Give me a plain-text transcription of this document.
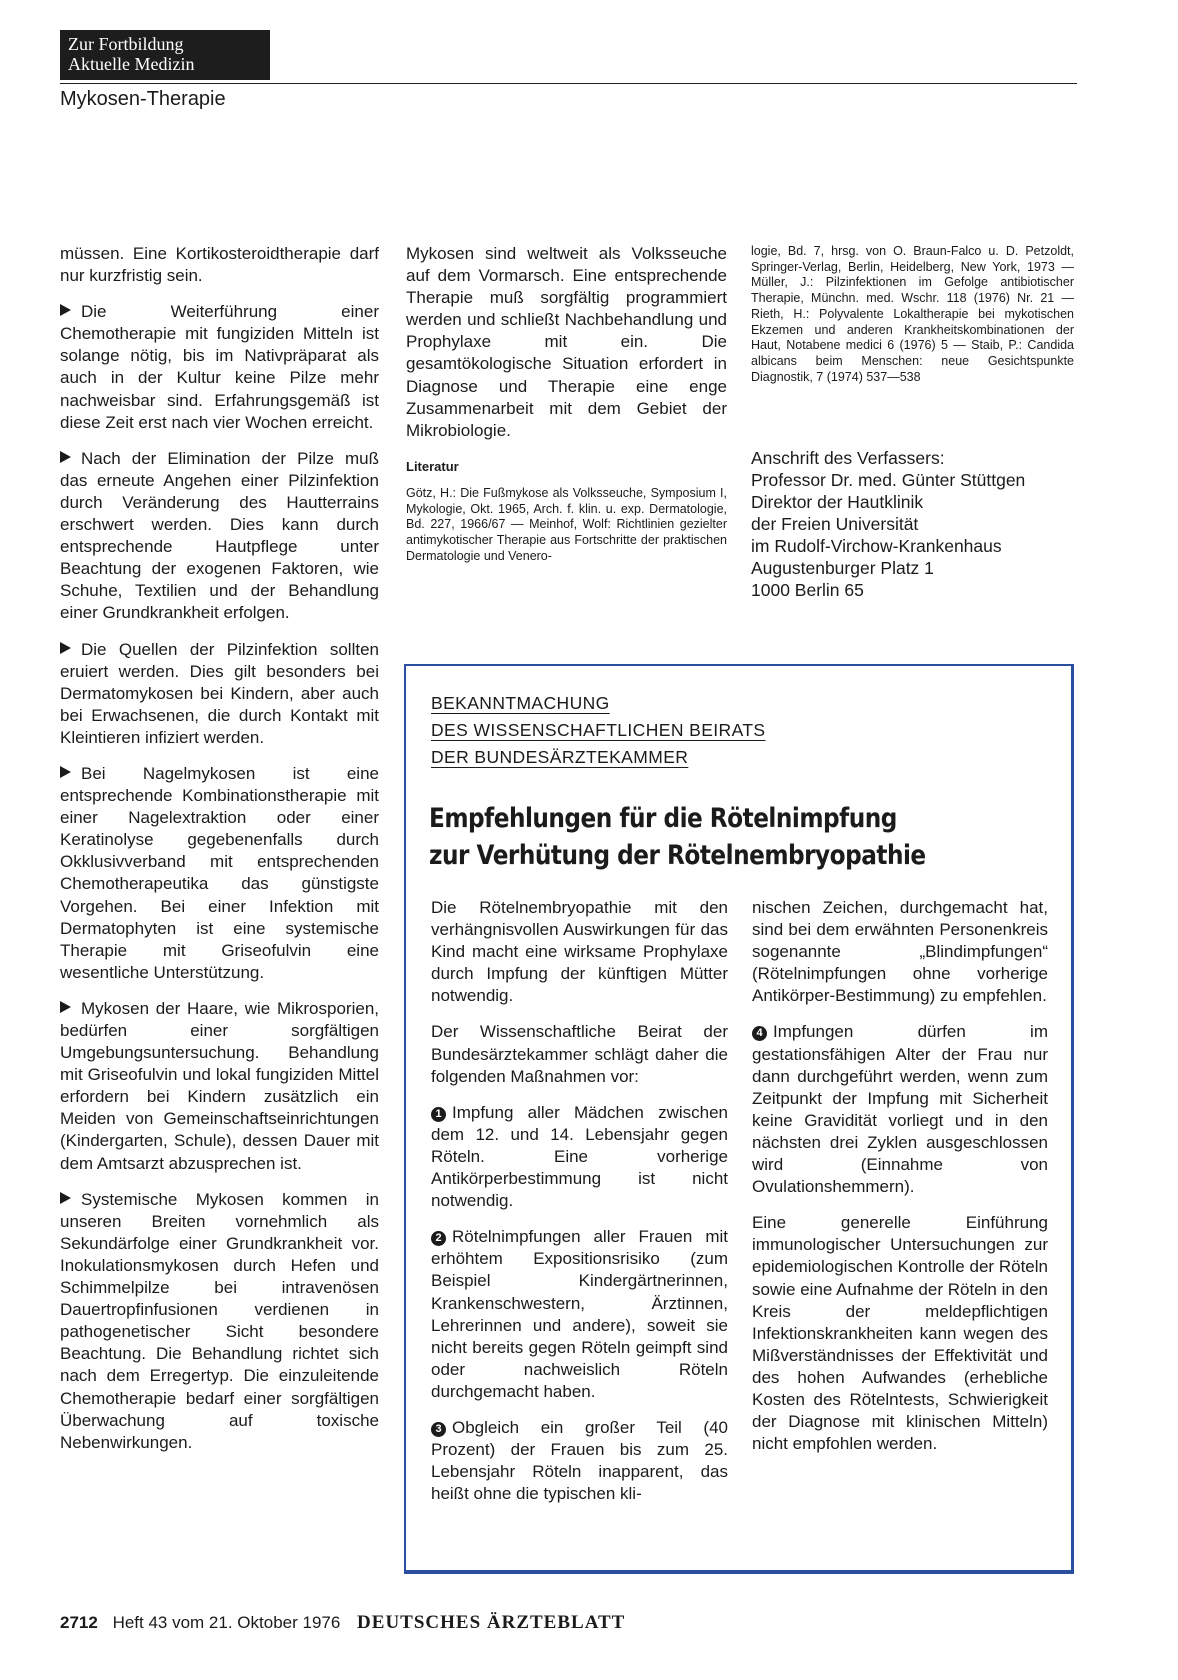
Zur Fortbildung
Aktuelle Medizin
Mykosen-Therapie

müssen. Eine Kortikosteroidtherapie darf nur kurzfristig sein.

Die Weiterführung einer Chemotherapie mit fungiziden Mitteln ist solange nötig, bis im Nativpräparat als auch in der Kultur keine Pilze mehr nachweisbar sind. Erfahrungsgemäß ist diese Zeit erst nach vier Wochen erreicht.

Nach der Elimination der Pilze muß das erneute Angehen einer Pilzinfektion durch Veränderung des Hautterrains erschwert werden. Dies kann durch entsprechende Hautpflege unter Beachtung der exogenen Faktoren, wie Schuhe, Textilien und der Behandlung einer Grundkrankheit erfolgen.

Die Quellen der Pilzinfektion sollten eruiert werden. Dies gilt besonders bei Dermatomykosen bei Kindern, aber auch bei Erwachsenen, die durch Kontakt mit Kleintieren infiziert werden.

Bei Nagelmykosen ist eine entsprechende Kombinationstherapie mit einer Nagelextraktion oder einer Keratinolyse gegebenenfalls durch Okklusivverband mit entsprechenden Chemotherapeutika das günstigste Vorgehen. Bei einer Infektion mit Dermatophyten ist eine systemische Therapie mit Griseofulvin eine wesentliche Unterstützung.

Mykosen der Haare, wie Mikrosporien, bedürfen einer sorgfältigen Umgebungsuntersuchung. Behandlung mit Griseofulvin und lokal fungiziden Mittel erfordern bei Kindern zusätzlich ein Meiden von Gemeinschaftseinrichtungen (Kindergarten, Schule), dessen Dauer mit dem Amtsarzt abzusprechen ist.

Systemische Mykosen kommen in unseren Breiten vornehmlich als Sekundärfolge einer Grundkrankheit vor. Inokulationsmykosen durch Hefen und Schimmelpilze bei intravenösen Dauertropfinfusionen verdienen in pathogenetischer Sicht besondere Beachtung. Die Behandlung richtet sich nach dem Erregertyp. Die einzuleitende Chemotherapie bedarf einer sorgfältigen Überwachung auf toxische Nebenwirkungen.

Mykosen sind weltweit als Volksseuche auf dem Vormarsch. Eine entsprechende Therapie muß sorgfältig programmiert werden und schließt Nachbehandlung und Prophylaxe mit ein. Die gesamtökologische Situation erfordert in Diagnose und Therapie eine enge Zusammenarbeit mit dem Gebiet der Mikrobiologie.

Literatur
Götz, H.: Die Fußmykose als Volksseuche, Symposium I, Mykologie, Okt. 1965, Arch. f. klin. u. exp. Dermatologie, Bd. 227, 1966/67 — Meinhof, Wolf: Richtlinien gezielter antimykotischer Therapie aus Fortschritte der praktischen Dermatologie und Venero-
logie, Bd. 7, hrsg. von O. Braun-Falco u. D. Petzoldt, Springer-Verlag, Berlin, Heidelberg, New York, 1973 — Müller, J.: Pilzinfektionen im Gefolge antibiotischer Therapie, Münchn. med. Wschr. 118 (1976) Nr. 21 — Rieth, H.: Polyvalente Lokaltherapie bei mykotischen Ekzemen und anderen Krankheitskombinationen der Haut, Notabene medici 6 (1976) 5 — Staib, P.: Candida albicans beim Menschen: neue Gesichtspunkte Diagnostik, 7 (1974) 537—538
Anschrift des Verfassers:
Professor Dr. med. Günter Stüttgen
Direktor der Hautklinik
der Freien Universität
im Rudolf-Virchow-Krankenhaus
Augustenburger Platz 1
1000 Berlin 65
BEKANNTMACHUNG
DES WISSENSCHAFTLICHEN BEIRATS
DER BUNDESÄRZTEKAMMER
Empfehlungen für die Rötelnimpfung
zur Verhütung der Rötelnembryopathie

Die Rötelnembryopathie mit den verhängnisvollen Auswirkungen für das Kind macht eine wirksame Prophylaxe durch Impfung der künftigen Mütter notwendig.

Der Wissenschaftliche Beirat der Bundesärztekammer schlägt daher die folgenden Maßnahmen vor:

1 Impfung aller Mädchen zwischen dem 12. und 14. Lebensjahr gegen Röteln. Eine vorherige Antikörperbestimmung ist nicht notwendig.

2 Rötelnimpfungen aller Frauen mit erhöhtem Expositionsrisiko (zum Beispiel Kindergärtnerinnen, Krankenschwestern, Ärztinnen, Lehrerinnen und andere), soweit sie nicht bereits gegen Röteln geimpft sind oder nachweislich Röteln durchgemacht haben.

3 Obgleich ein großer Teil (40 Prozent) der Frauen bis zum 25. Lebensjahr Röteln inapparent, das heißt ohne die typischen kli-

nischen Zeichen, durchgemacht hat, sind bei dem erwähnten Personenkreis sogenannte „Blindimpfungen“ (Rötelnimpfungen ohne vorherige Antikörper-Bestimmung) zu empfehlen.

4 Impfungen dürfen im gestationsfähigen Alter der Frau nur dann durchgeführt werden, wenn zum Zeitpunkt der Impfung mit Sicherheit keine Gravidität vorliegt und in den nächsten drei Zyklen ausgeschlossen wird (Einnahme von Ovulationshemmern).

Eine generelle Einführung immunologischer Untersuchungen zur epidemiologischen Kontrolle der Röteln sowie eine Aufnahme der Röteln in den Kreis der meldepflichtigen Infektionskrankheiten kann wegen des Mißverständnisses der Effektivität und des hohen Aufwandes (erhebliche Kosten des Rötelntests, Schwierigkeit der Diagnose mit klinischen Mitteln) nicht empfohlen werden.

2712 Heft 43 vom 21. Oktober 1976 DEUTSCHES ÄRZTEBLATT
